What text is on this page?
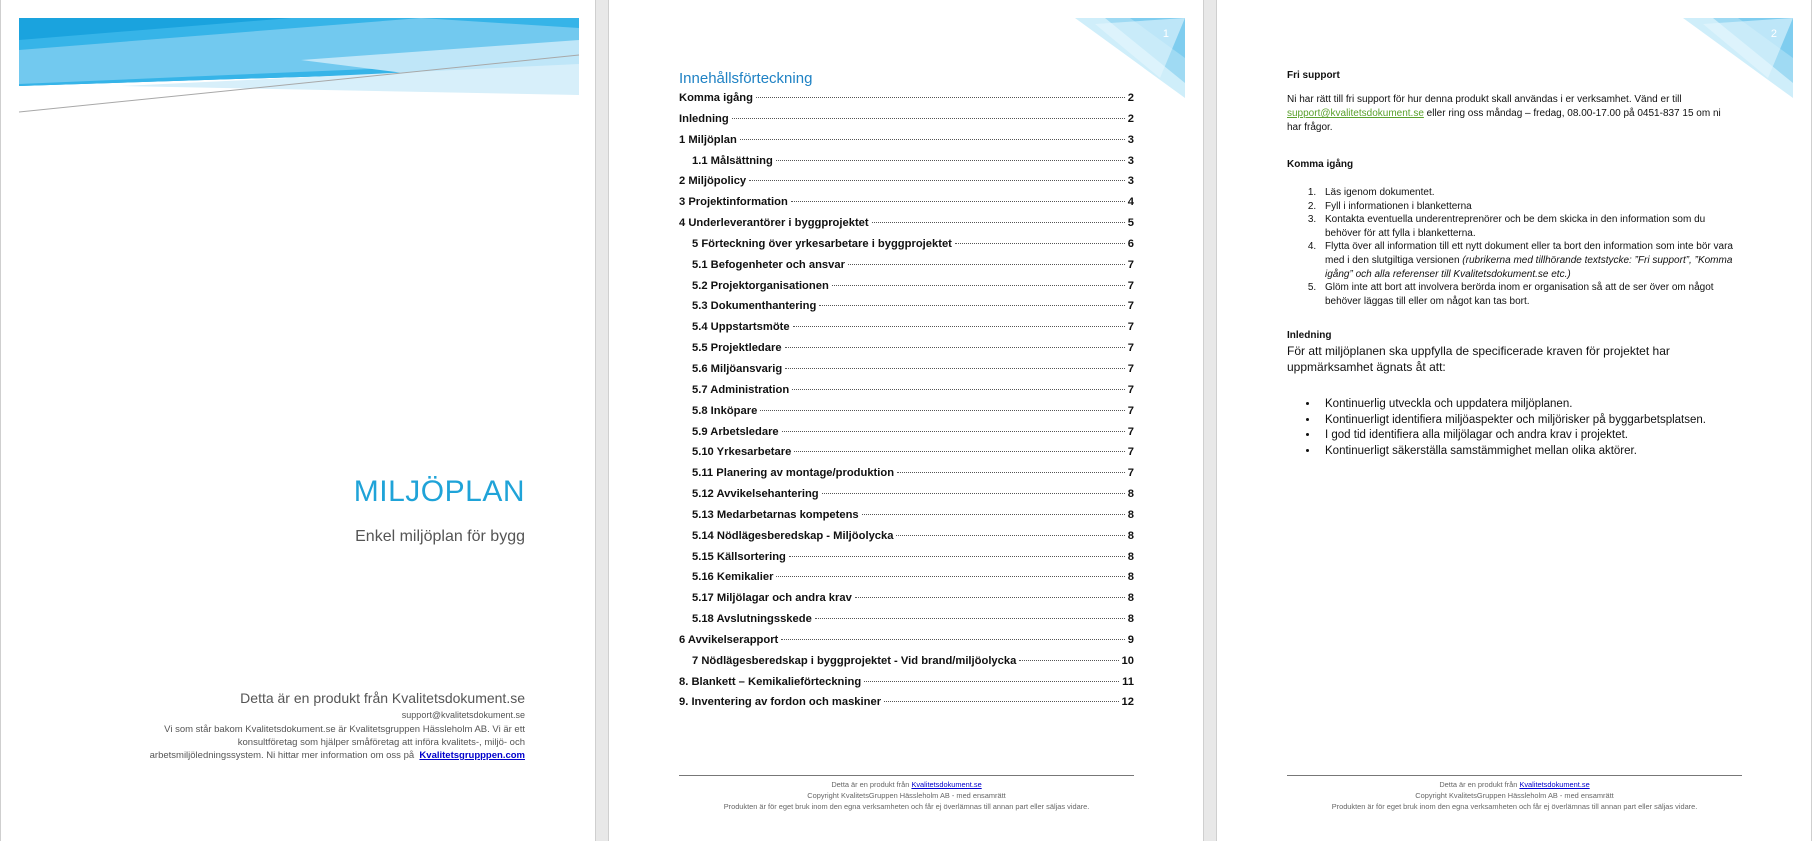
MILJÖPLAN
Enkel miljöplan för bygg
Detta är en produkt från Kvalitetsdokument.se
support@kvalitetsdokument.se
Vi som står bakom Kvalitetsdokument.se är Kvalitetsgruppen Hässleholm AB. Vi är ett
konsultföretag som hjälper småföretag att införa kvalitets-, miljö- och
arbetsmiljöledningssystem. Ni hittar mer information om oss på Kvalitetsgrupppen.com
1
Innehållsförteckning
Komma igång	2
Inledning	2
1 Miljöplan	3
1.1 Målsättning	3
2 Miljöpolicy	3
3 Projektinformation	4
4 Underleverantörer i byggprojektet	5
5 Förteckning över yrkesarbetare i byggprojektet	6
5.1 Befogenheter och ansvar	7
5.2 Projektorganisationen	7
5.3 Dokumenthantering	7
5.4 Uppstartsmöte	7
5.5 Projektledare	7
5.6 Miljöansvarig	7
5.7 Administration	7
5.8 Inköpare	7
5.9 Arbetsledare	7
5.10 Yrkesarbetare	7
5.11 Planering av montage/produktion	7
5.12 Avvikelsehantering	8
5.13 Medarbetarnas kompetens	8
5.14 Nödlägesberedskap - Miljöolycka	8
5.15 Källsortering	8
5.16 Kemikalier	8
5.17 Miljölagar och andra krav	8
5.18 Avslutningsskede	8
6 Avvikelserapport	9
7 Nödlägesberedskap i byggprojektet - Vid brand/miljöolycka	10
8. Blankett – Kemikalieförteckning	11
9. Inventering av fordon och maskiner	12
Detta är en produkt från Kvalitetsdokument.se
Copyright KvalitetsGruppen Hässleholm AB - med ensamrätt
Produkten är för eget bruk inom den egna verksamheten och får ej överlämnas till annan part eller säljas vidare.
2
Fri support

Ni har rätt till fri support för hur denna produkt skall användas i er verksamhet. Vänd er till
support@kvalitetsdokument.se eller ring oss måndag – fredag, 08.00-17.00 på 0451-837 15 om ni har frågor.

Komma igång
1. Läs igenom dokumentet.
2. Fyll i informationen i blanketterna
3. Kontakta eventuella underentreprenörer och be dem skicka in den information som du behöver för att fylla i blanketterna.
4. Flytta över all information till ett nytt dokument eller ta bort den information som inte bör vara med i den slutgiltiga versionen (rubrikerna med tillhörande textstycke: ”Fri support”, ”Komma igång” och alla referenser till Kvalitetsdokument.se etc.)
5. Glöm inte att bort att involvera berörda inom er organisation så att de ser över om något behöver läggas till eller om något kan tas bort.
Inledning
För att miljöplanen ska uppfylla de specificerade kraven för projektet har uppmärksamhet ägnats åt att:
• Kontinuerlig utveckla och uppdatera miljöplanen.
• Kontinuerligt identifiera miljöaspekter och miljörisker på byggarbetsplatsen.
• I god tid identifiera alla miljölagar och andra krav i projektet.
• Kontinuerligt säkerställa samstämmighet mellan olika aktörer.
Detta är en produkt från Kvalitetsdokument.se
Copyright KvalitetsGruppen Hässleholm AB - med ensamrätt
Produkten är för eget bruk inom den egna verksamheten och får ej överlämnas till annan part eller säljas vidare.
